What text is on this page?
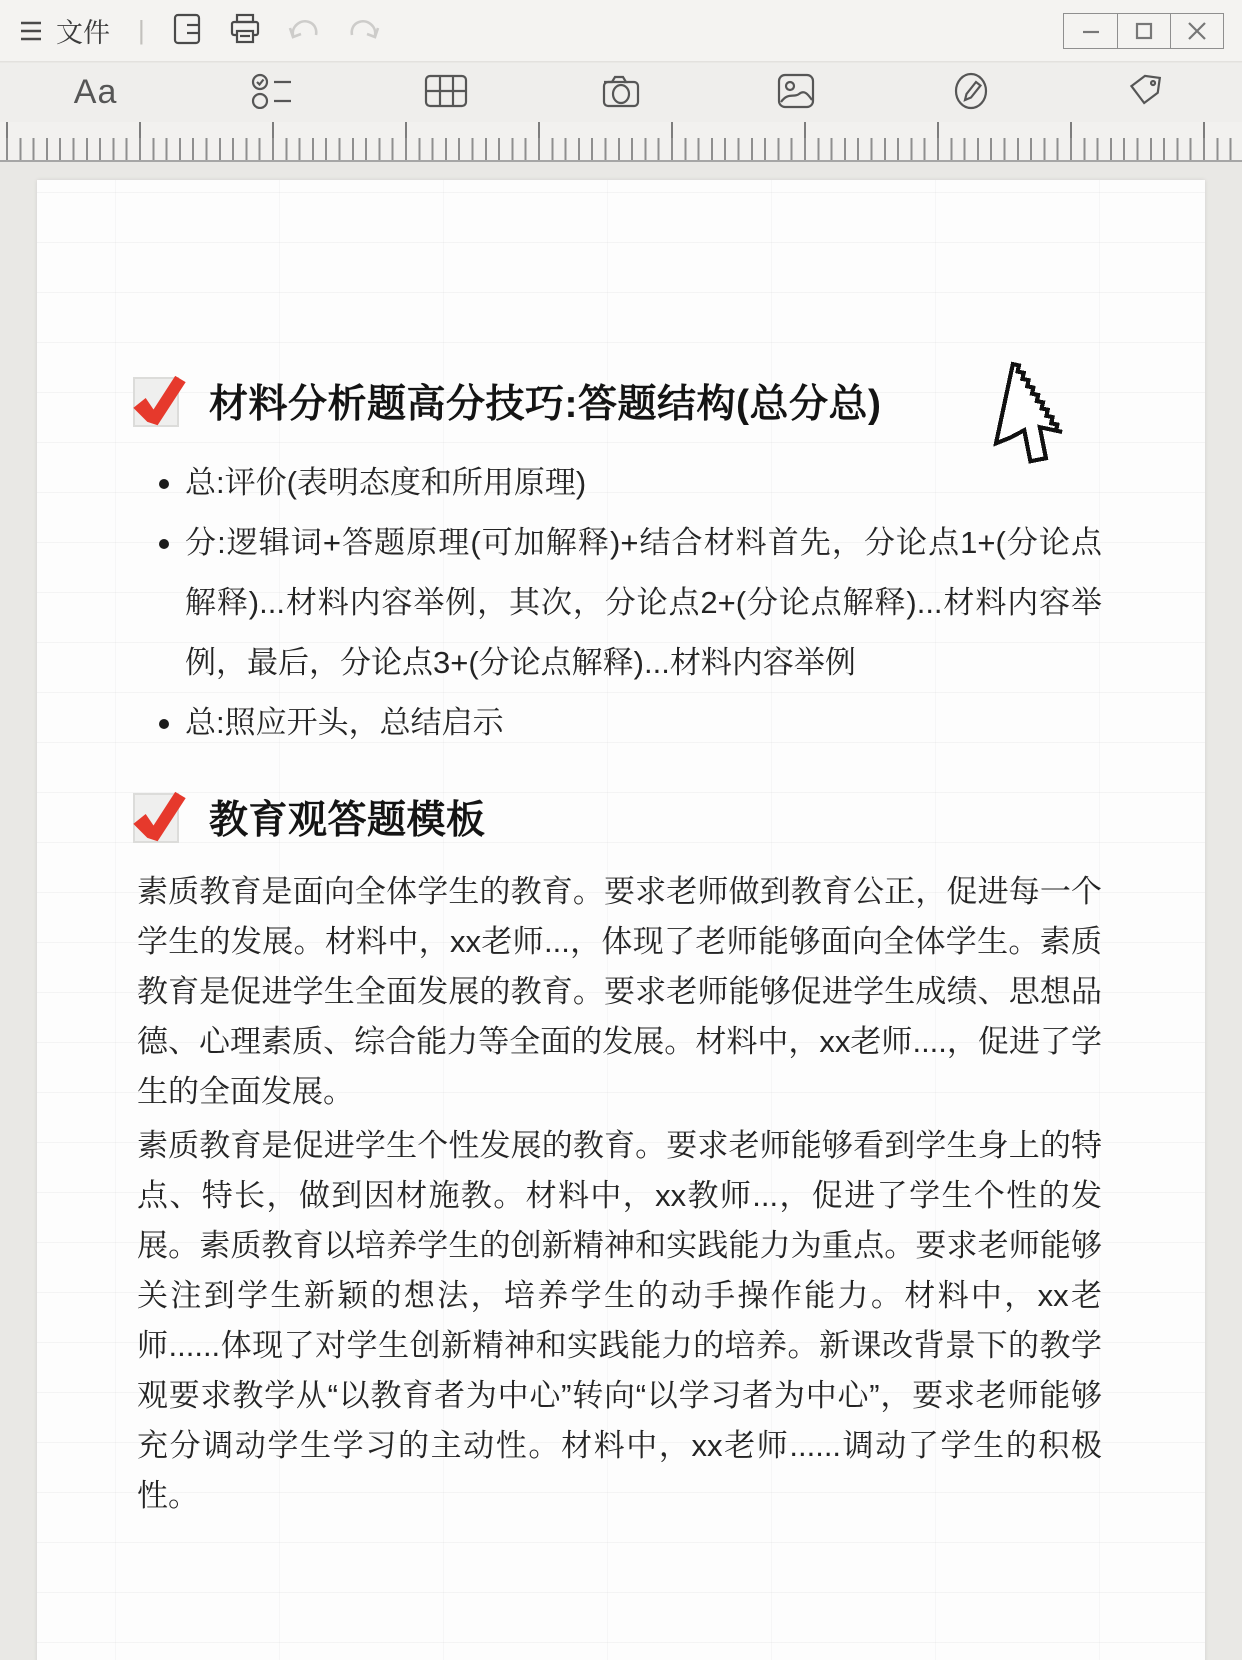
文件 |
Aa
材料分析题高分技巧:答题结构(总分总)
总:评价(表明态度和所用原理)
分:逻辑词+答题原理(可加解释)+结合材料首先，分论点1+(分论点解释)...材料内容举例，其次，分论点2+(分论点解释)...材料内容举例，最后，分论点3+(分论点解释)...材料内容举例
总:照应开头，总结启示
教育观答题模板

素质教育是面向全体学生的教育。要求老师做到教育公正，促进每一个学生的发展。材料中，xx老师...，体现了老师能够面向全体学生。素质教育是促进学生全面发展的教育。要求老师能够促进学生成绩、思想品德、心理素质、综合能力等全面的发展。材料中，xx老师....，促进了学生的全面发展。

素质教育是促进学生个性发展的教育。要求老师能够看到学生身上的特点、特长，做到因材施教。材料中，xx教师...，促进了学生个性的发展。素质教育以培养学生的创新精神和实践能力为重点。要求老师能够关注到学生新颖的想法，培养学生的动手操作能力。材料中，xx老师......体现了对学生创新精神和实践能力的培养。新课改背景下的教学观要求教学从“以教育者为中心”转向“以学习者为中心”，要求老师能够充分调动学生学习的主动性。材料中，xx老师......调动了学生的积极性。
